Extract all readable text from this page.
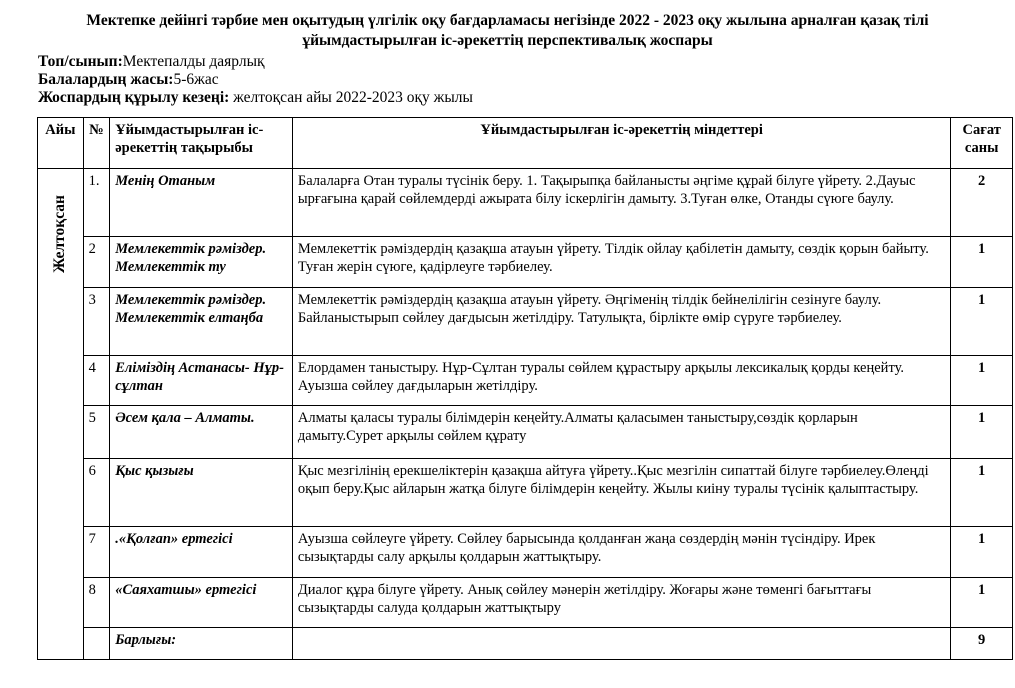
Мектепке дейінгі тәрбие мен оқытудың үлгілік оқу бағдарламасы негізінде 2022 - 2023 оқу жылына арналған қазақ тілі
ұйымдастырылған іс-әрекеттің перспективалық жоспары
Топ/сынып:Мектепалды даярлық
Балалардың жасы:5-6жас
Жоспардың құрылу кезеңі: желтоқсан айы 2022-2023 оқу жылы
Айы	№	Ұйымдастырылған іс-әрекеттің тақырыбы	Ұйымдастырылған іс-әрекеттің міндеттері	Сағат саны

Желтоқсан	1.	Менің Отаным	Балаларға Отан туралы түсінік беру. 1. Тақырыпқа байланысты әңгіме құрай білуге үйрету. 2.Дауыс ырғағына қарай сөйлемдерді ажырата білу іскерлігін дамыту. 3.Туған өлке, Отанды сүюге баулу.	2
	2	Мемлекеттік рәміздер. Мемлекеттік ту	Мемлекеттік рәміздердің қазақша атауын үйрету. Тілдік ойлау қабілетін дамыту, сөздік қорын байыту. Туған жерін сүюге, қадірлеуге тәрбиелеу.	1
	3	Мемлекеттік рәміздер. Мемлекеттік елтаңба	Мемлекеттік рәміздердің қазақша атауын үйрету. Әңгіменің тілдік бейнелілігін сезінуге баулу. Байланыстырып сөйлеу дағдысын жетілдіру. Татулықта, бірлікте өмір сүруге тәрбиелеу.	1
	4	Еліміздің Астанасы- Нұр-сұлтан	Елордамен таныстыру. Нұр-Сұлтан туралы сөйлем құрастыру арқылы лексикалық қорды кеңейту. Ауызша сөйлеу дағдыларын жетілдіру.	1
	5	Әсем қала – Алматы.	Алматы қаласы туралы білімдерін кеңейту.Алматы қаласымен таныстыру,сөздік қорларын дамыту.Сурет арқылы сөйлем құрату	1
	6	Қыс қызығы	Қыс мезгілінің ерекшеліктерін қазақша айтуға үйрету..Қыс мезгілін сипаттай білуге тәрбиелеу.Өлеңді оқып беру.Қыс айларын жатқа білуге білімдерін кеңейту. Жылы киіну туралы түсінік қалыптастыру.	1
	7	.«Қолғап» ертегісі	Ауызша сөйлеуге үйрету. Сөйлеу барысында қолданған жаңа сөздердің мәнін түсіндіру. Ирек сызықтарды салу арқылы қолдарын жаттықтыру.	1
	8	«Саяхатшы» ертегісі	Диалог құра білуге үйрету. Анық сөйлеу мәнерін жетілдіру. Жоғары және төменгі бағыттағы сызықтарды салуда қолдарын жаттықтыру	1
		Барлығы:		9
